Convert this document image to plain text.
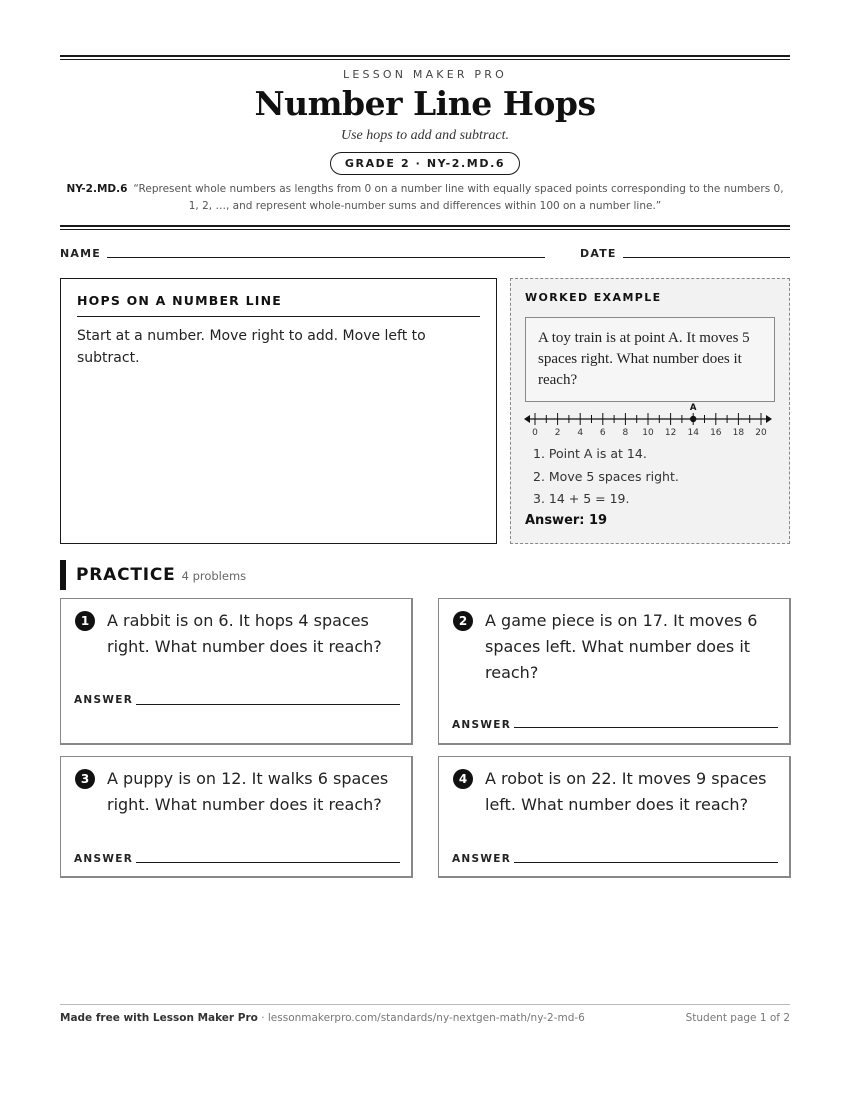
LESSON MAKER PRO
Number Line Hops
Use hops to add and subtract.
GRADE 2 · NY-2.MD.6
NY-2.MD.6 “Represent whole numbers as lengths from 0 on a number line with equally spaced points corresponding to the numbers 0, 1, 2, …, and represent whole-number sums and differences within 100 on a number line.”
NAME	DATE
HOPS ON A NUMBER LINE
Start at a number. Move right to add. Move left to subtract.
WORKED EXAMPLE
A toy train is at point A. It moves 5 spaces right. What number does it reach?
0 2 4 6 8 10 12 14 16 18 20
A
1. Point A is at 14.
2. Move 5 spaces right.
3. 14 + 5 = 19.
Answer: 19
PRACTICE 4 problems
1	A rabbit is on 6. It hops 4 spaces right. What number does it reach?
ANSWER
2	A game piece is on 17. It moves 6 spaces left. What number does it reach?
ANSWER
3	A puppy is on 12. It walks 6 spaces right. What number does it reach?
ANSWER
4	A robot is on 22. It moves 9 spaces left. What number does it reach?
ANSWER
Made free with Lesson Maker Pro · lessonmakerpro.com/standards/ny-nextgen-math/ny-2-md-6	Student page 1 of 2
